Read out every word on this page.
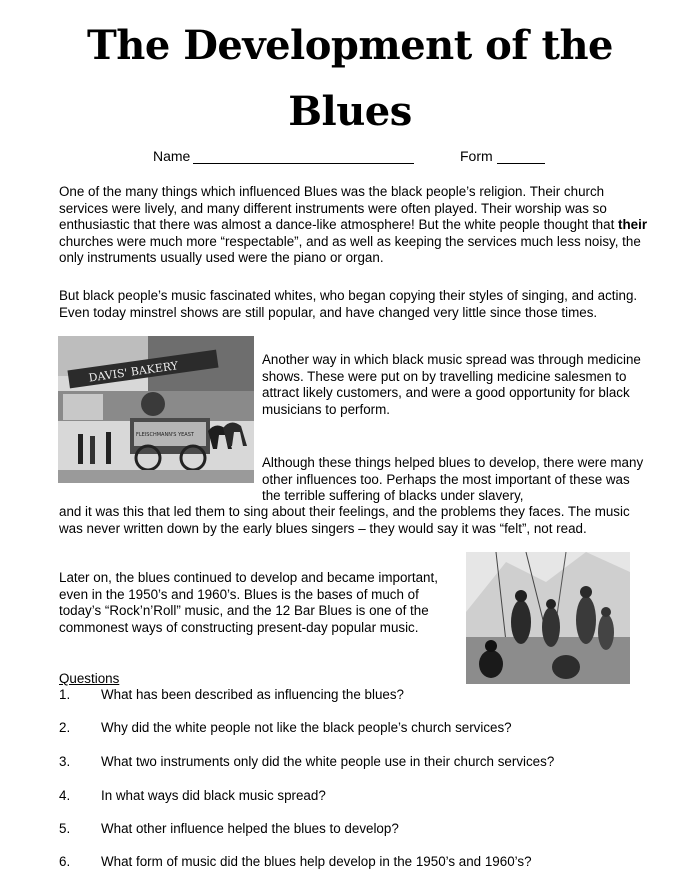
The Development of the
Blues
Name	Form

One of the many things which influenced Blues was the black people’s religion. Their church services were lively, and many different instruments were often played. Their worship was so enthusiastic that there was almost a dance-like atmosphere! But the white people thought that their churches were much more “respectable”, and as well as keeping the services much less noisy, the only instruments usually used were the piano or organ.

But black people’s music fascinated whites, who began copying their styles of singing, and acting. Even today minstrel shows are still popular, and have changed very little since those times.

DAVIS' BAKERY
FLEISCHMANN'S YEAST

Another way in which black music spread was through medicine shows. These were put on by travelling medicine salesmen to attract likely customers, and were a good opportunity for black musicians to perform.

Although these things helped blues to develop, there were many other influences too. Perhaps the most important of these was the terrible suffering of blacks under slavery,

and it was this that led them to sing about their feelings, and the problems they faces. The music was never written down by the early blues singers – they would say it was “felt”, not read.

Later on, the blues continued to develop and became important, even in the 1950’s and 1960’s. Blues is the bases of much of today’s “Rock’n’Roll” music, and the 12 Bar Blues is one of the commonest ways of constructing present-day popular music.

Questions
1. What has been described as influencing the blues?
2. Why did the white people not like the black people’s church services?
3. What two instruments only did the white people use in their church services?
4. In what ways did black music spread?
5. What other influence helped the blues to develop?
6. What form of music did the blues help develop in the 1950’s and 1960’s?
